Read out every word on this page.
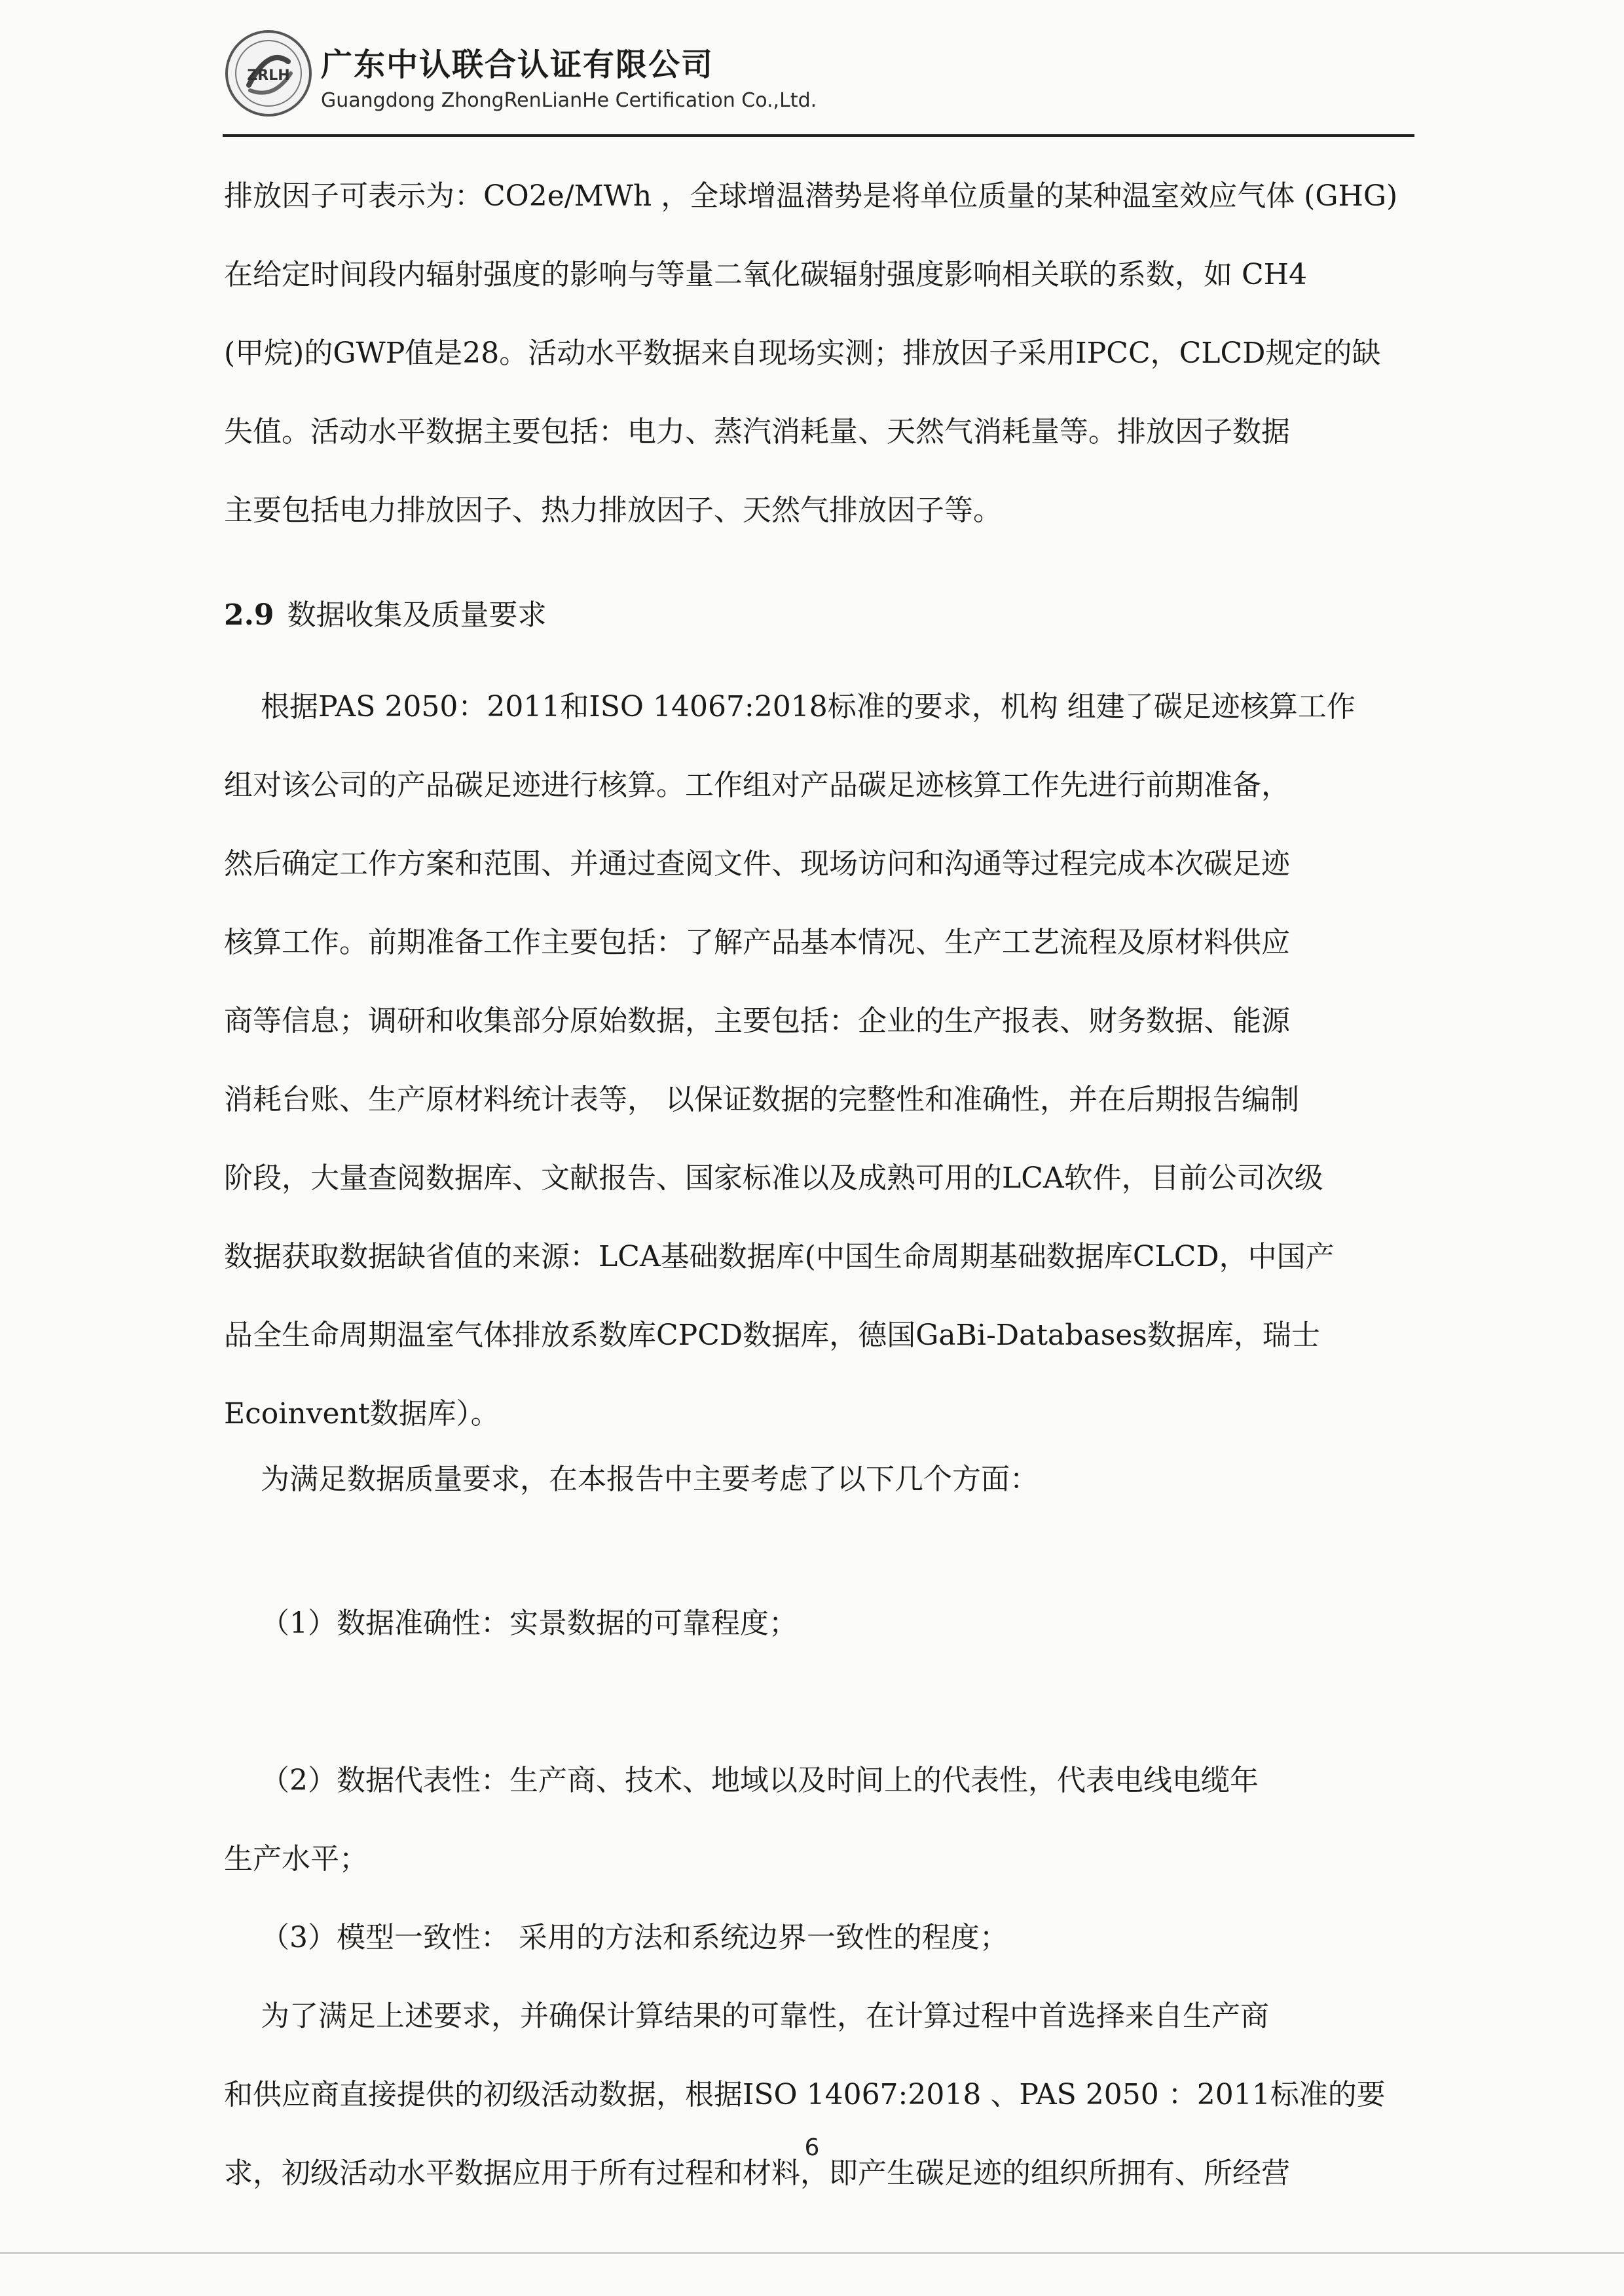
ZRLH 广东中认联合认证有限公司
Guangdong ZhongRenLianHe Certification Co.,Ltd.
排放因子可表示为：CO2e/MWh ，全球增温潜势是将单位质量的某种温室效应气体 (GHG)
在给定时间段内辐射强度的影响与等量二氧化碳辐射强度影响相关联的系数，如 CH4
(甲烷)的GWP值是28。活动水平数据来自现场实测；排放因子采用IPCC，CLCD规定的缺
失值。活动水平数据主要包括：电力、蒸汽消耗量、天然气消耗量等。排放因子数据
主要包括电力排放因子、热力排放因子、天然气排放因子等。
2.9 数据收集及质量要求
根据PAS 2050：2011和ISO 14067:2018标准的要求，机构 组建了碳足迹核算工作
组对该公司的产品碳足迹进行核算。工作组对产品碳足迹核算工作先进行前期准备，
然后确定工作方案和范围、并通过查阅文件、现场访问和沟通等过程完成本次碳足迹
核算工作。前期准备工作主要包括：了解产品基本情况、生产工艺流程及原材料供应
商等信息；调研和收集部分原始数据，主要包括：企业的生产报表、财务数据、能源
消耗台账、生产原材料统计表等， 以保证数据的完整性和准确性，并在后期报告编制
阶段，大量查阅数据库、文献报告、国家标准以及成熟可用的LCA软件，目前公司次级
数据获取数据缺省值的来源：LCA基础数据库(中国生命周期基础数据库CLCD，中国产
品全生命周期温室气体排放系数库CPCD数据库，德国GaBi-Databases数据库，瑞士
Ecoinvent数据库）。
为满足数据质量要求，在本报告中主要考虑了以下几个方面：
（1）数据准确性：实景数据的可靠程度；
（2）数据代表性：生产商、技术、地域以及时间上的代表性，代表电线电缆年
生产水平；
（3）模型一致性： 采用的方法和系统边界一致性的程度；
为了满足上述要求，并确保计算结果的可靠性，在计算过程中首选择来自生产商
和供应商直接提供的初级活动数据，根据ISO 14067:2018 、PAS 2050 ：2011标准的要
求，初级活动水平数据应用于所有过程和材料，即产生碳足迹的组织所拥有、所经营
6
